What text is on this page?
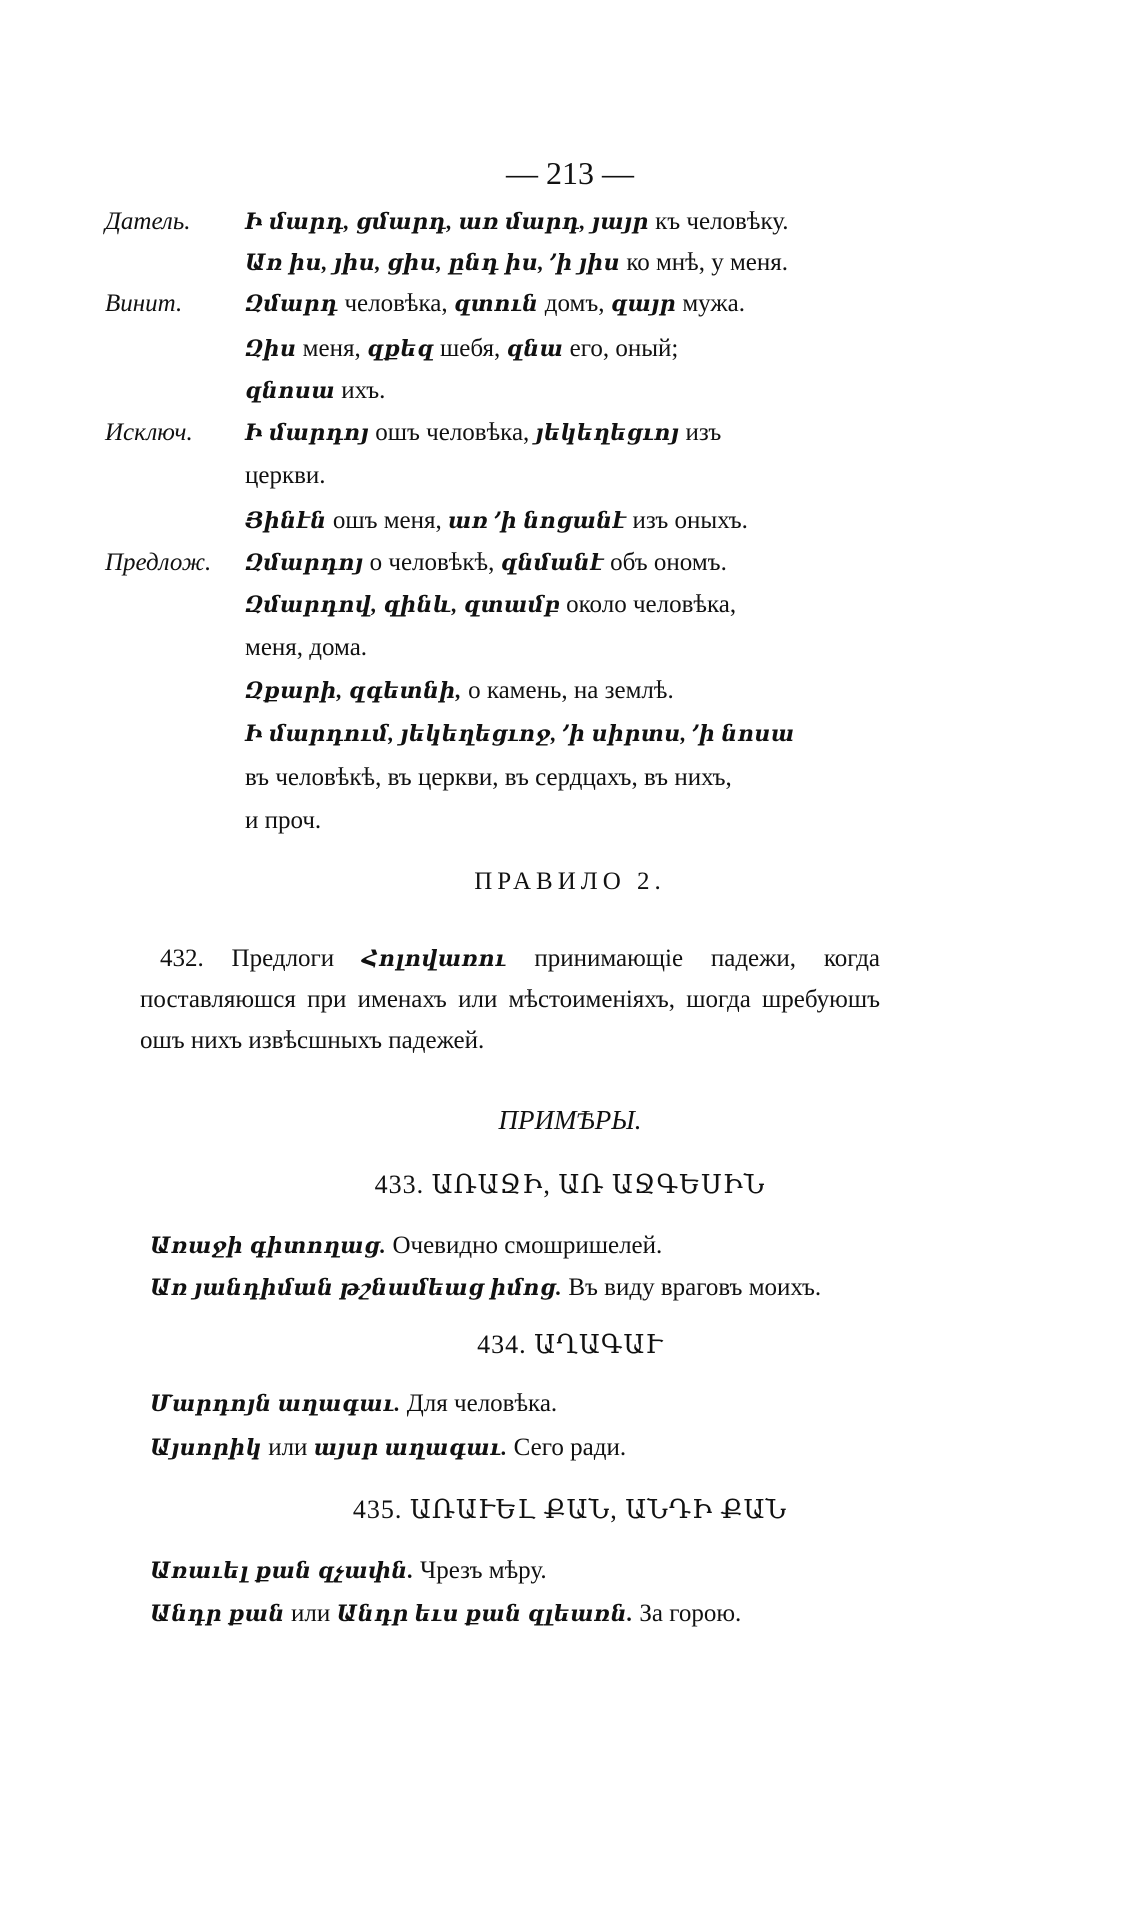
— 213 —
Датель.
Винит.
Исключ.
Предлож.
Ի մարդ, ցմարդ, առ մարդ, յայր къ человѣку.
Առ իս, յիս, ցիս, ընդ իս, ՚ի յիս ко мнѣ, у меня.
Զմարդ человѣка, զտուն домъ, զայր мужа.
Զիս меня, զքեզ шебя, զնա его, оный;
զնոսա ихъ.
Ի մարդոյ ошъ человѣка, յեկեղեցւոյ изъ
церкви.
Յինէն ошъ меня, առ ՚ի նոցանէ изъ оныхъ.
Զմարդոյ о человѣкѣ, զնմանէ объ ономъ.
Զմարդով, զինև, զտամբ около человѣка,
меня, дома.
Զքարի, զգետնի, о камень, на землѣ.
Ի մարդում, յեկեղեցւոջ, ՚ի սիրտս, ՚ի նոսա
въ человѣкѣ, въ церкви, въ сердцахъ, въ нихъ,
и проч.
ПРАВИЛО 2.
432. Предлоги Հոլովառու принимающіе падежи, когда поставляюшся при именахъ или мѣстоименіяхъ, шогда шребуюшъ ошъ нихъ извѣсшныхъ падежей.
ПРИМѢРЫ.
433. ԱՌԱՋԻ, ԱՌ ԱՋԳԵՍԻՆ
Առաջի գիտողաց. Очевидно смошришелей.
Առ յանդիման թշնամեաց իմոց. Въ виду враговъ моихъ.
434. ԱՂԱԳԱՒ
Մարդոյն աղագաւ. Для человѣка.
Այսորիկ или այսր աղագաւ. Сего ради.
435. ԱՌԱՒԵԼ ՔԱՆ, ԱՆԴԻ ՔԱՆ
Առաւել քան զչափն. Чрезъ мѣру.
Անդր քան или Անդր եւս քան զլեառն. За горою.
